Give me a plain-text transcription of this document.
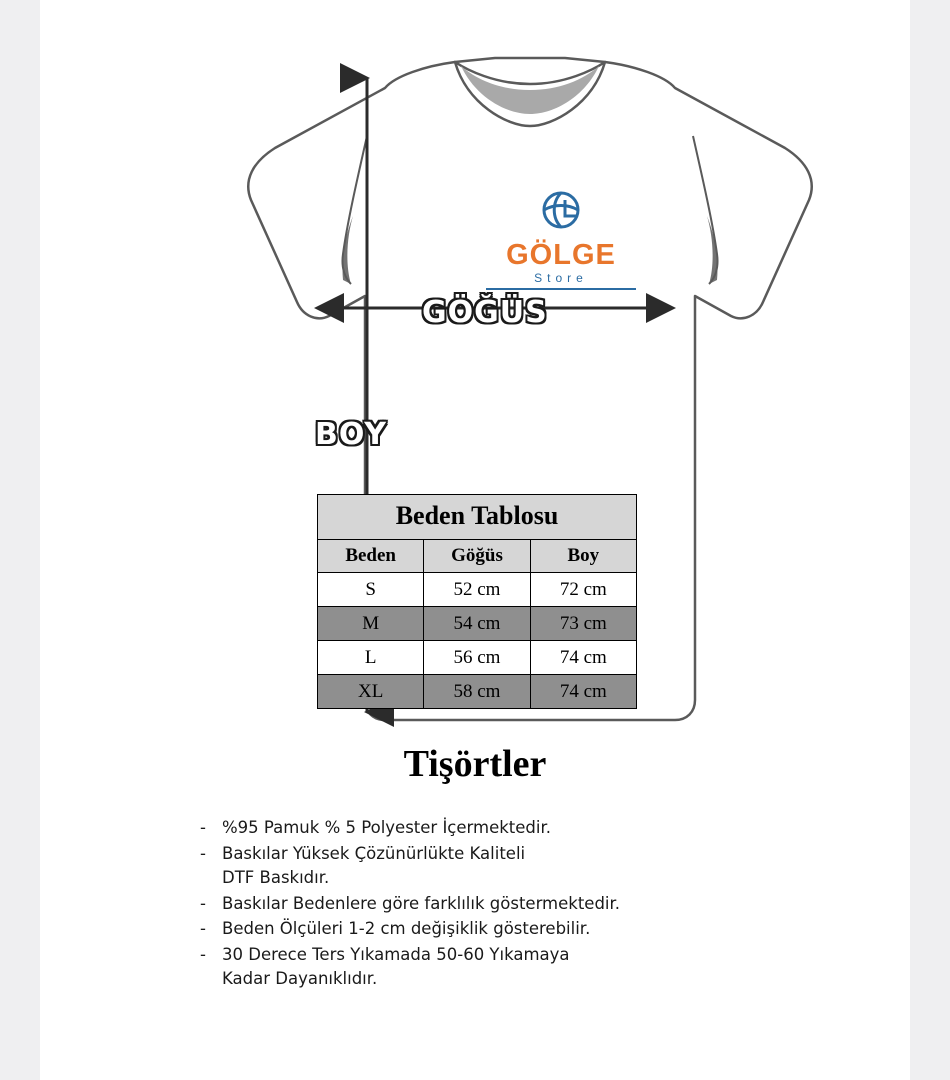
GÖĞÜS
BOY
GÖLGE
Store
Beden Tablosu		
Beden	Göğüs	Boy
S	52 cm	72 cm
M	54 cm	73 cm
L	56 cm	74 cm
XL	58 cm	74 cm
Tişörtler
- %95 Pamuk % 5 Polyester İçermektedir.
- Baskılar Yüksek Çözünürlükte Kaliteli
DTF Baskıdır.
- Baskılar Bedenlere göre farklılık göstermektedir.
- Beden Ölçüleri 1-2 cm değişiklik gösterebilir.
- 30 Derece Ters Yıkamada 50-60 Yıkamaya
Kadar Dayanıklıdır.
